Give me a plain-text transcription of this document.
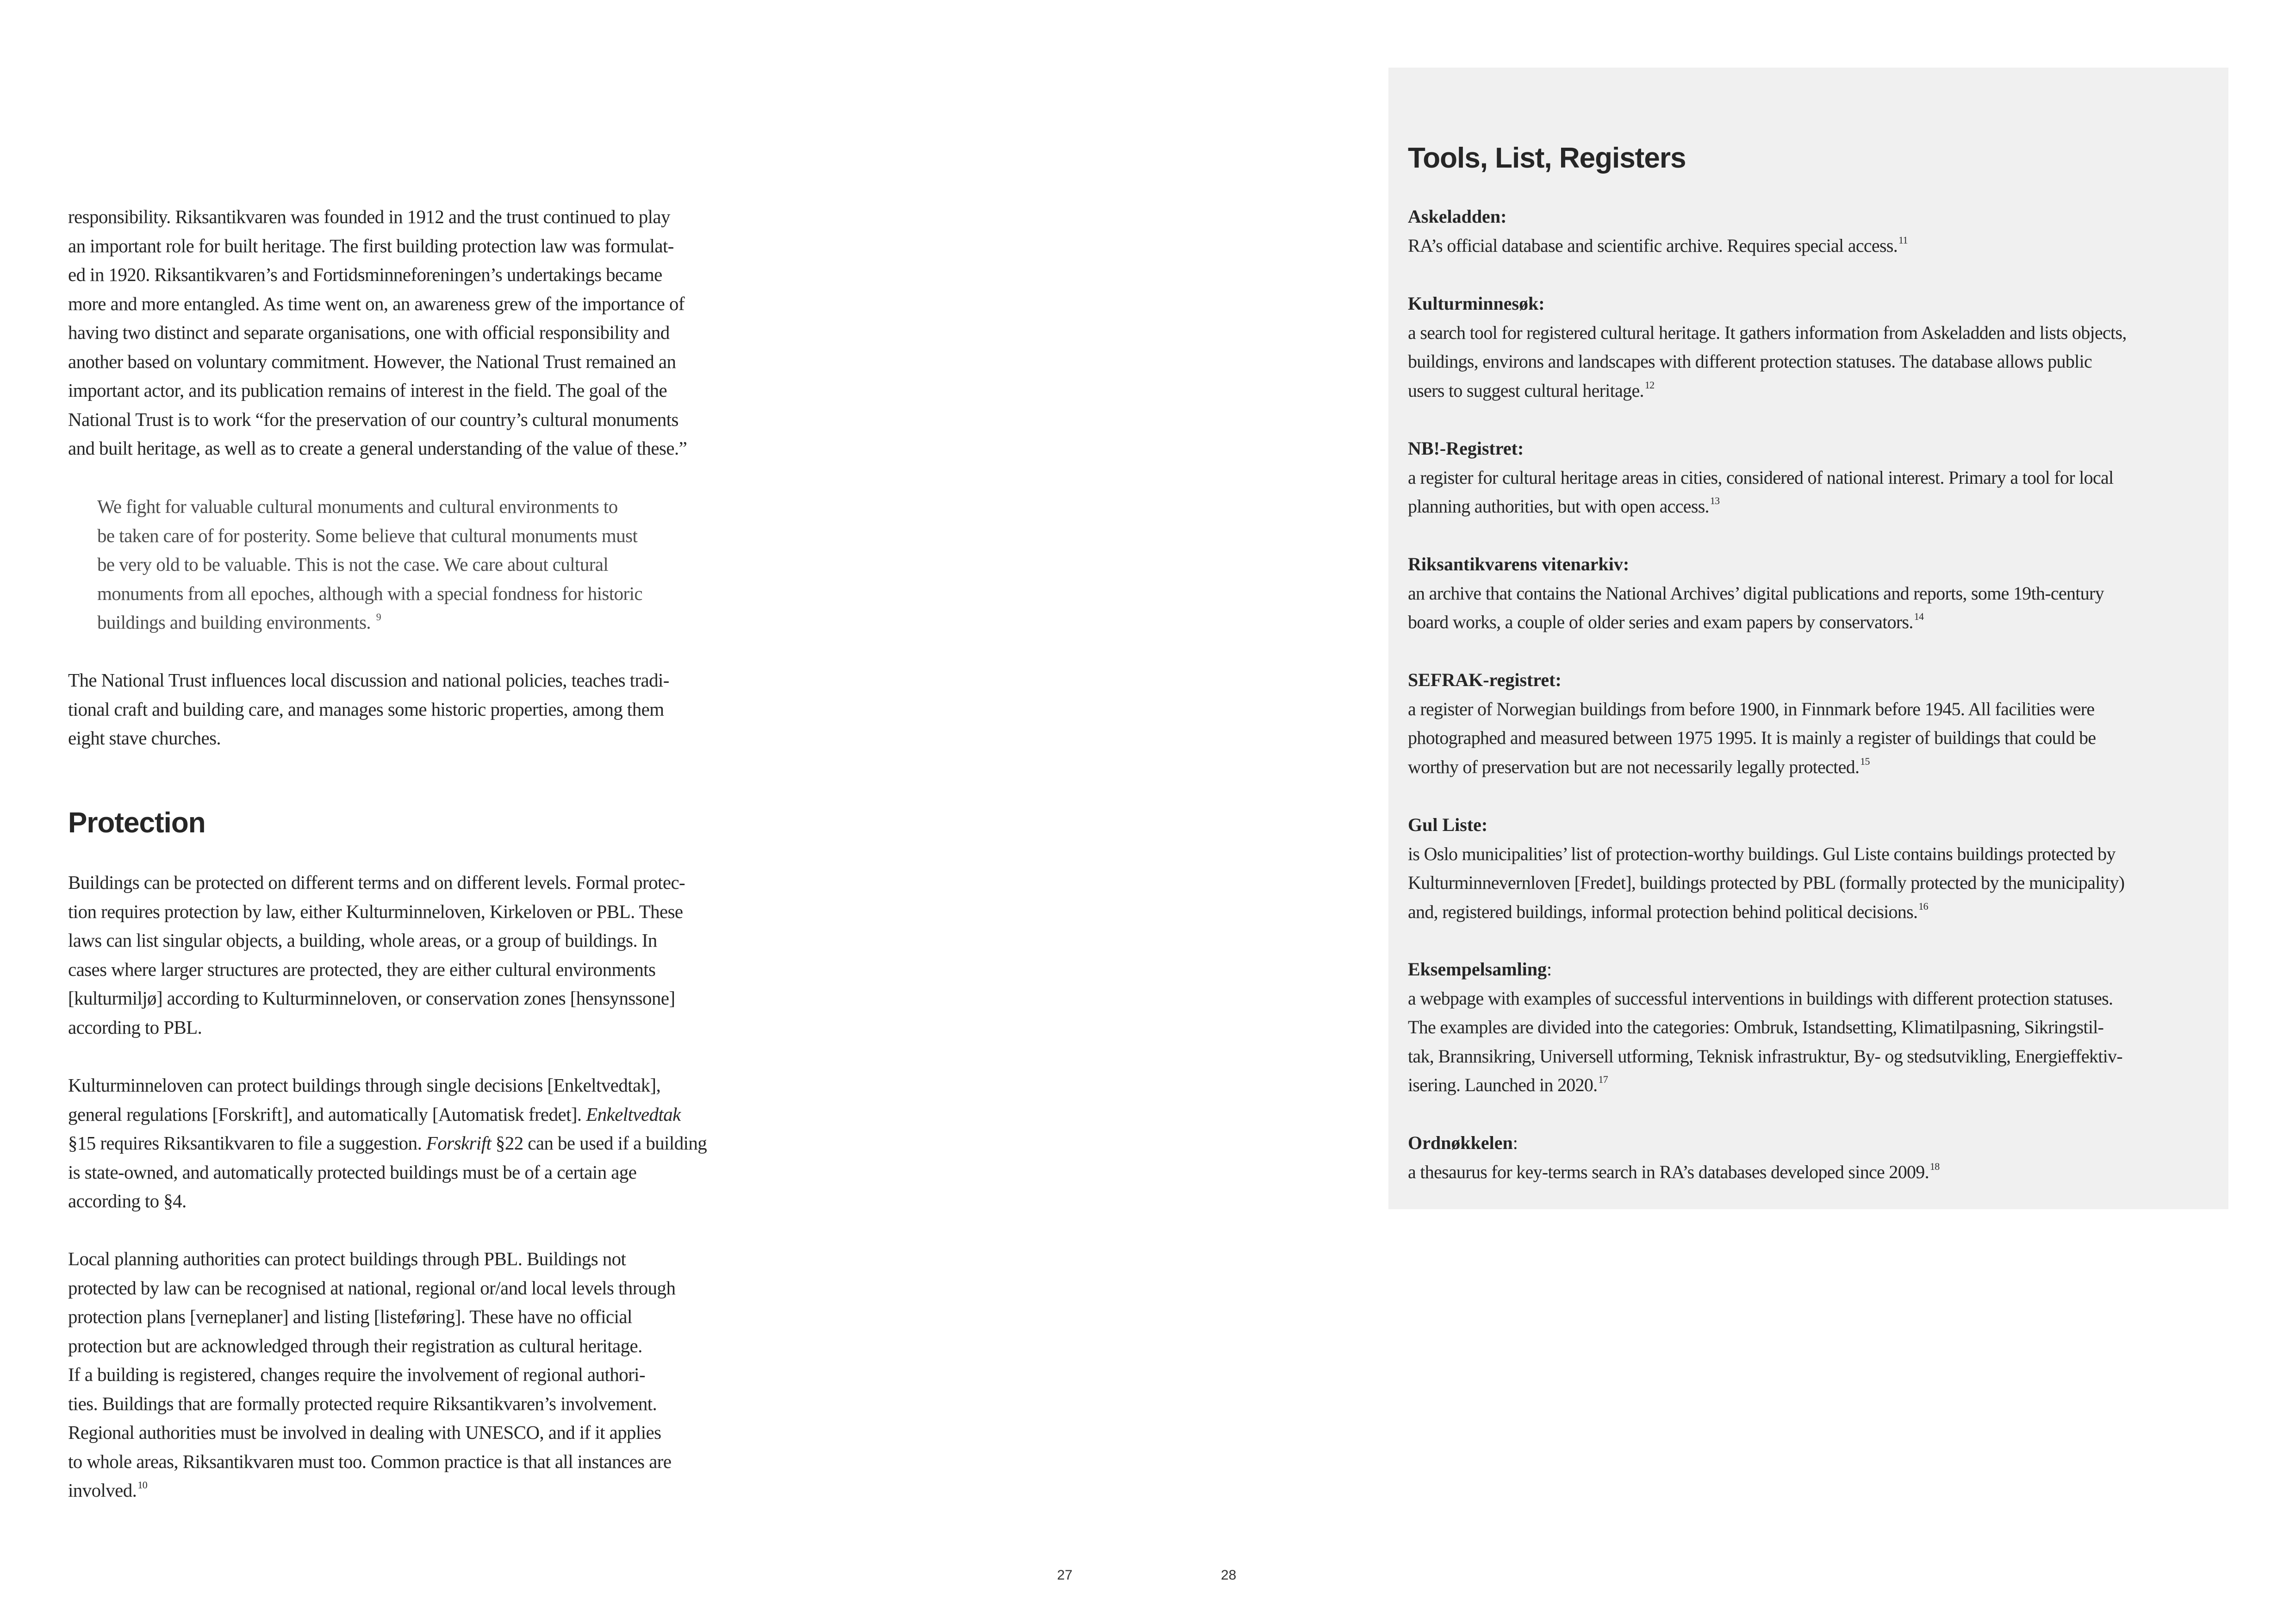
responsibility. Riksantikvaren was founded in 1912 and the trust continued to play
an important role for built heritage. The first building protection law was formulat-
ed in 1920. Riksantikvaren’s and Fortidsminneforeningen’s undertakings became
more and more entangled. As time went on, an awareness grew of the importance of
having two distinct and separate organisations, one with official responsibility and
another based on voluntary commitment. However, the National Trust remained an
important actor, and its publication remains of interest in the field. The goal of the
National Trust is to work “for the preservation of our country’s cultural monuments
and built heritage, as well as to create a general understanding of the value of these.”
We fight for valuable cultural monuments and cultural environments to
be taken care of for posterity. Some believe that cultural monuments must
be very old to be valuable. This is not the case. We care about cultural
monuments from all epoches, although with a special fondness for historic
buildings and building environments. $^9$
The National Trust influences local discussion and national policies, teaches tradi-
tional craft and building care, and manages some historic properties, among them
eight stave churches.
Protection
Buildings can be protected on different terms and on different levels. Formal protec-
tion requires protection by law, either Kulturminneloven, Kirkeloven or PBL. These
laws can list singular objects, a building, whole areas, or a group of buildings. In
cases where larger structures are protected, they are either cultural environments
[kulturmiljø] according to Kulturminneloven, or conservation zones [hensynssone]
according to PBL.
Kulturminneloven can protect buildings through single decisions [Enkeltvedtak],
general regulations [Forskrift], and automatically [Automatisk fredet]. Enkeltvedtak
§15 requires Riksantikvaren to file a suggestion. Forskrift §22 can be used if a building
is state-owned, and automatically protected buildings must be of a certain age
according to §4.
Local planning authorities can protect buildings through PBL. Buildings not
protected by law can be recognised at national, regional or/and local levels through
protection plans [verneplaner] and listing [listeføring]. These have no official
protection but are acknowledged through their registration as cultural heritage.
If a building is registered, changes require the involvement of regional authori-
ties. Buildings that are formally protected require Riksantikvaren’s involvement.
Regional authorities must be involved in dealing with UNESCO, and if it applies
to whole areas, Riksantikvaren must too. Common practice is that all instances are
involved.$^{10}$
27
Tools, List, Registers
Askeladden:
RA’s official database and scientific archive. Requires special access.$^{11}$
Kulturminnesøk:
a search tool for registered cultural heritage. It gathers information from Askeladden and lists objects,
buildings, environs and landscapes with different protection statuses. The database allows public
users to suggest cultural heritage.$^{12}$
NB!-Registret:
a register for cultural heritage areas in cities, considered of national interest. Primary a tool for local
planning authorities, but with open access.$^{13}$
Riksantikvarens vitenarkiv:
an archive that contains the National Archives’ digital publications and reports, some 19th-century
board works, a couple of older series and exam papers by conservators.$^{14}$
SEFRAK-registret:
a register of Norwegian buildings from before 1900, in Finnmark before 1945. All facilities were
photographed and measured between 1975 1995. It is mainly a register of buildings that could be
worthy of preservation but are not necessarily legally protected.$^{15}$
Gul Liste:
is Oslo municipalities’ list of protection-worthy buildings. Gul Liste contains buildings protected by
Kulturminnevernloven [Fredet], buildings protected by PBL (formally protected by the municipality)
and, registered buildings, informal protection behind political decisions.$^{16}$
Eksempelsamling:
a webpage with examples of successful interventions in buildings with different protection statuses.
The examples are divided into the categories: Ombruk, Istandsetting, Klimatilpasning, Sikringstil-
tak, Brannsikring, Universell utforming, Teknisk infrastruktur, By- og stedsutvikling, Energieffektiv-
isering. Launched in 2020.17
Ordnøkkelen:
a thesaurus for key-terms search in RA’s databases developed since 2009.18
28
